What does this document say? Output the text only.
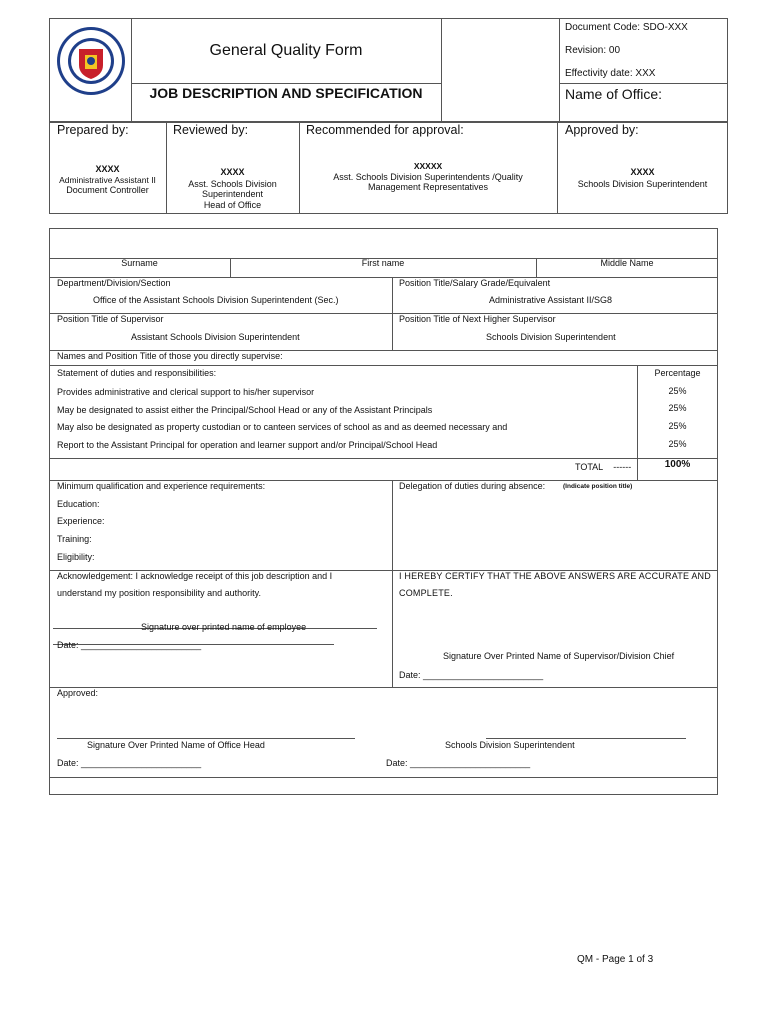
General Quality Form
JOB DESCRIPTION AND SPECIFICATION
Document Code: SDO-XXX
Revision: 00
Effectivity date: XXX
Name of Office:
Prepared by:
XXXX
Administrative Assistant II
Document Controller
Reviewed by:
XXXX
Asst. Schools Division
Superintendent
Head of Office
Recommended for approval:
XXXXX
Asst. Schools Division Superintendents /Quality
Management Representatives
Approved by:
XXXX
Schools Division Superintendent
Surname	First name	Middle Name
Department/Division/Section
Office of the Assistant Schools Division Superintendent (Sec.)
Position Title/Salary Grade/Equivalent
Administrative Assistant II/SG8
Position Title of Supervisor
Assistant Schools Division Superintendent
Position Title of Next Higher Supervisor
Schools Division Superintendent
Names and Position Title of those you directly supervise:
Statement of duties and responsibilities:	Percentage
Provides administrative and clerical support to his/her supervisor	25%
May be designated to assist either the Principal/School Head or any of the Assistant Principals	25%
May also be designated as property custodian or to canteen services of school as and as deemed necessary and	25%
Report to the Assistant Principal for operation and learner support and/or Principal/School Head	25%
TOTAL ------	100%
Minimum qualification and experience requirements:
Education:
Experience:
Training:
Eligibility:
Delegation of duties during absence:	(Indicate position title)
Acknowledgement: I acknowledge receipt of this job description and I
understand my position responsibility and authority.
Signature over printed name of employee
Date: ________________________
I HEREBY CERTIFY THAT THE ABOVE ANSWERS ARE ACCURATE AND
COMPLETE.
Signature Over Printed Name of Supervisor/Division Chief
Date: ________________________
Approved:
Signature Over Printed Name of Office Head
Date: ________________________
Schools Division Superintendent
Date: ________________________
QM - Page 1 of 3
